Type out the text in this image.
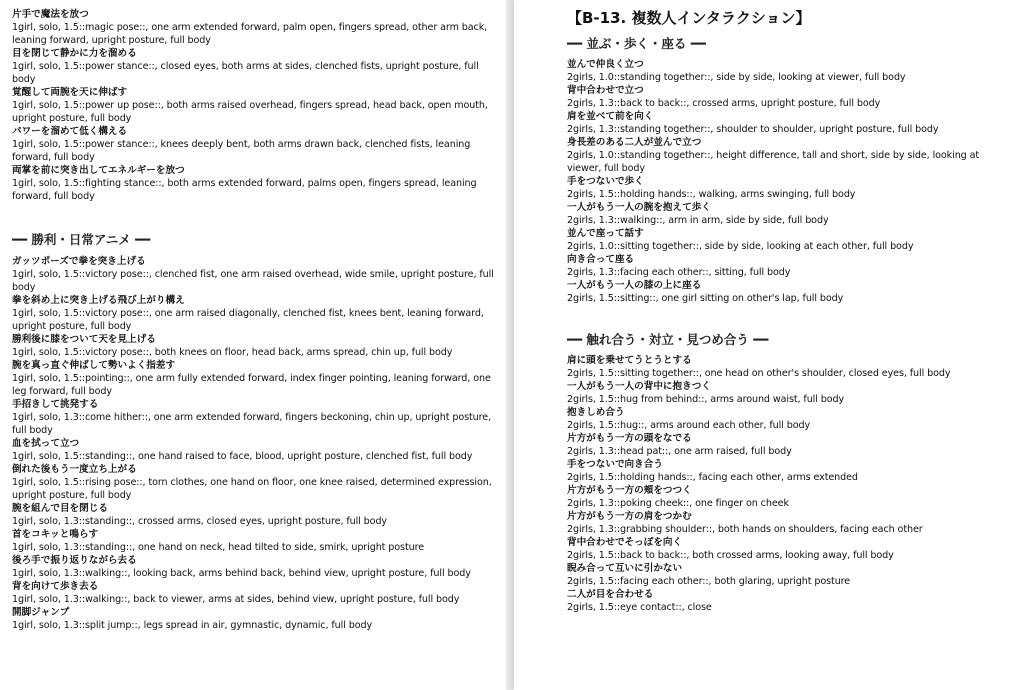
片手で魔法を放つ
1girl, solo, 1.5::magic pose::, one arm extended forward, palm open, fingers spread, other arm back, leaning forward, upright posture, full body
目を閉じて静かに力を溜める
1girl, solo, 1.5::power stance::, closed eyes, both arms at sides, clenched fists, upright posture, full body
覚醒して両腕を天に伸ばす
1girl, solo, 1.5::power up pose::, both arms raised overhead, fingers spread, head back, open mouth, upright posture, full body
パワーを溜めて低く構える
1girl, solo, 1.5::power stance::, knees deeply bent, both arms drawn back, clenched fists, leaning forward, full body
両掌を前に突き出してエネルギーを放つ
1girl, solo, 1.5::fighting stance::, both arms extended forward, palms open, fingers spread, leaning forward, full body
━━ 勝利・日常アニメ ━━
ガッツポーズで拳を突き上げる
1girl, solo, 1.5::victory pose::, clenched fist, one arm raised overhead, wide smile, upright posture, full body
拳を斜め上に突き上げる飛び上がり構え
1girl, solo, 1.5::victory pose::, one arm raised diagonally, clenched fist, knees bent, leaning forward, upright posture, full body
勝利後に膝をついて天を見上げる
1girl, solo, 1.5::victory pose::, both knees on floor, head back, arms spread, chin up, full body
腕を真っ直ぐ伸ばして勢いよく指差す
1girl, solo, 1.5::pointing::, one arm fully extended forward, index finger pointing, leaning forward, one leg forward, full body
手招きして挑発する
1girl, solo, 1.3::come hither::, one arm extended forward, fingers beckoning, chin up, upright posture, full body
血を拭って立つ
1girl, solo, 1.5::standing::, one hand raised to face, blood, upright posture, clenched fist, full body
倒れた後もう一度立ち上がる
1girl, solo, 1.5::rising pose::, torn clothes, one hand on floor, one knee raised, determined expression, upright posture, full body
腕を組んで目を閉じる
1girl, solo, 1.3::standing::, crossed arms, closed eyes, upright posture, full body
首をコキッと鳴らす
1girl, solo, 1.3::standing::, one hand on neck, head tilted to side, smirk, upright posture
後ろ手で振り返りながら去る
1girl, solo, 1.3::walking::, looking back, arms behind back, behind view, upright posture, full body
背を向けて歩き去る
1girl, solo, 1.3::walking::, back to viewer, arms at sides, behind view, upright posture, full body
開脚ジャンプ
1girl, solo, 1.3::split jump::, legs spread in air, gymnastic, dynamic, full body
【B-13. 複数人インタラクション】
━━ 並ぶ・歩く・座る ━━
並んで仲良く立つ
2girls, 1.0::standing together::, side by side, looking at viewer, full body
背中合わせで立つ
2girls, 1.3::back to back::, crossed arms, upright posture, full body
肩を並べて前を向く
2girls, 1.3::standing together::, shoulder to shoulder, upright posture, full body
身長差のある二人が並んで立つ
2girls, 1.0::standing together::, height difference, tall and short, side by side, looking at viewer, full body
手をつないで歩く
2girls, 1.5::holding hands::, walking, arms swinging, full body
一人がもう一人の腕を抱えて歩く
2girls, 1.3::walking::, arm in arm, side by side, full body
並んで座って話す
2girls, 1.0::sitting together::, side by side, looking at each other, full body
向き合って座る
2girls, 1.3::facing each other::, sitting, full body
一人がもう一人の膝の上に座る
2girls, 1.5::sitting::, one girl sitting on other's lap, full body
━━ 触れ合う・対立・見つめ合う ━━
肩に頭を乗せてうとうとする
2girls, 1.5::sitting together::, one head on other's shoulder, closed eyes, full body
一人がもう一人の背中に抱きつく
2girls, 1.5::hug from behind::, arms around waist, full body
抱きしめ合う
2girls, 1.5::hug::, arms around each other, full body
片方がもう一方の頭をなでる
2girls, 1.3::head pat::, one arm raised, full body
手をつないで向き合う
2girls, 1.5::holding hands::, facing each other, arms extended
片方がもう一方の頬をつつく
2girls, 1.3::poking cheek::, one finger on cheek
片方がもう一方の肩をつかむ
2girls, 1.3::grabbing shoulder::, both hands on shoulders, facing each other
背中合わせでそっぽを向く
2girls, 1.5::back to back::, both crossed arms, looking away, full body
睨み合って互いに引かない
2girls, 1.5::facing each other::, both glaring, upright posture
二人が目を合わせる
2girls, 1.5::eye contact::, close
